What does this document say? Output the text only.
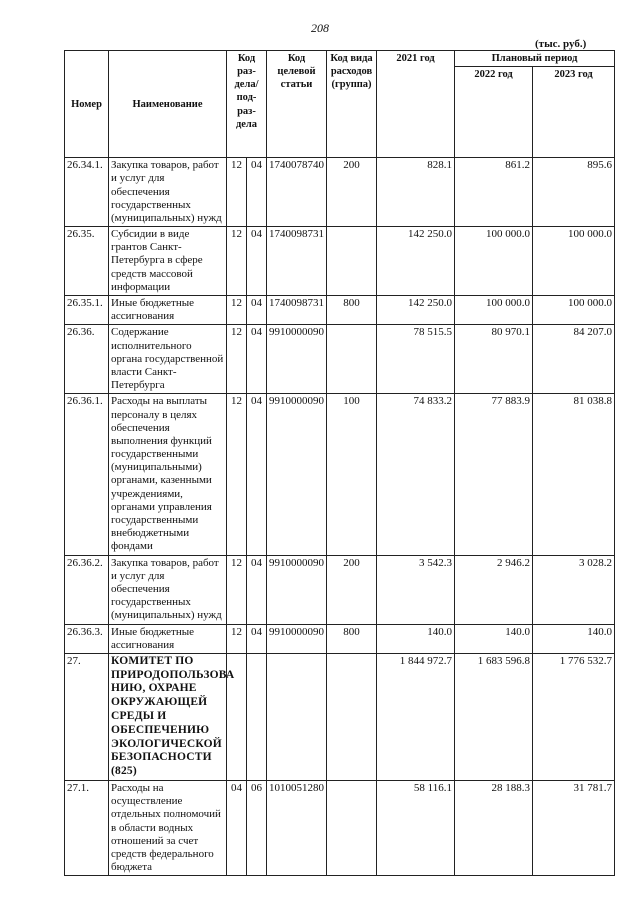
208
(тыс. руб.)
Номер	Наименование	Код раз-дела/ под-раз-дела		Код целевой статьи	Код вида расходов (группа)	2021 год	Плановый период	
							2022 год	2023 год
26.34.1.	Закупка товаров, работ и услуг для обеспечения государственных (муниципальных) нужд	12	04	1740078740	200	828.1	861.2	895.6
26.35.	Субсидии в виде грантов Санкт-Петербурга в сфере средств массовой информации	12	04	1740098731		142 250.0	100 000.0	100 000.0
26.35.1.	Иные бюджетные ассигнования	12	04	1740098731	800	142 250.0	100 000.0	100 000.0
26.36.	Содержание исполнительного органа государственной власти Санкт-Петербурга	12	04	9910000090		78 515.5	80 970.1	84 207.0
26.36.1.	Расходы на выплаты персоналу в целях обеспечения выполнения функций государственными (муниципальными) органами, казенными учреждениями, органами управления государственными внебюджетными фондами	12	04	9910000090	100	74 833.2	77 883.9	81 038.8
26.36.2.	Закупка товаров, работ и услуг для обеспечения государственных (муниципальных) нужд	12	04	9910000090	200	3 542.3	2 946.2	3 028.2
26.36.3.	Иные бюджетные ассигнования	12	04	9910000090	800	140.0	140.0	140.0
27.	КОМИТЕТ ПО ПРИРОДОПОЛЬЗОВА НИЮ, ОХРАНЕ ОКРУЖАЮЩЕЙ СРЕДЫ И ОБЕСПЕЧЕНИЮ ЭКОЛОГИЧЕСКОЙ БЕЗОПАСНОСТИ (825)					1 844 972.7	1 683 596.8	1 776 532.7
27.1.	Расходы на осуществление отдельных полномочий в области водных отношений за счет средств федерального бюджета	04	06	1010051280		58 116.1	28 188.3	31 781.7
